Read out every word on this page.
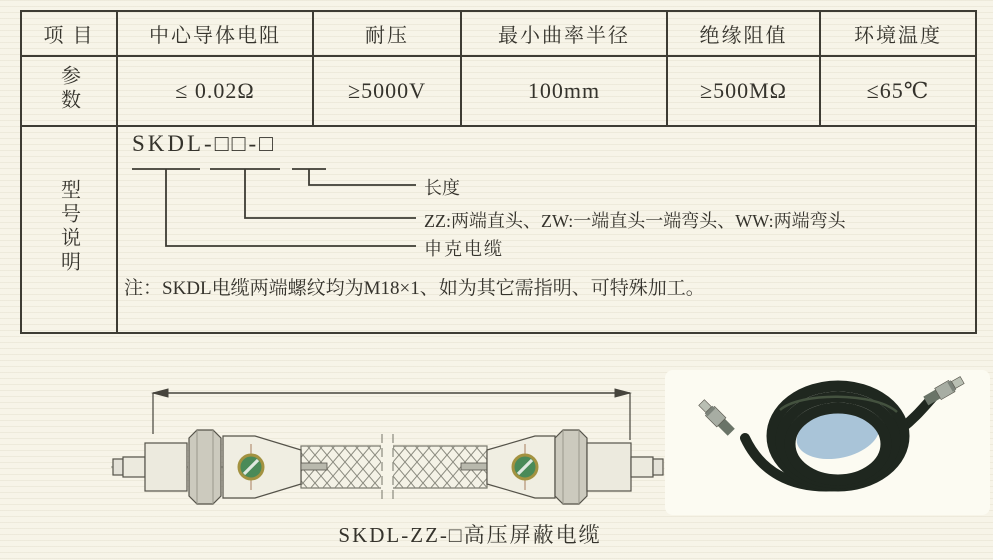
项 目	中心导体电阻	耐压	最小曲率半径	绝缘阻值	环境温度
参数	≤ 0.02Ω	≥5000V	100mm	≥500MΩ	≤65℃
型号说明	SKDL-□□-□
长度
ZZ:两端直头、ZW:一端直头一端弯头、WW:两端弯头
申克电缆
注：SKDL电缆两端螺纹均为M18×1、如为其它需指明、可特殊加工。				
SKDL-ZZ-□高压屏蔽电缆
